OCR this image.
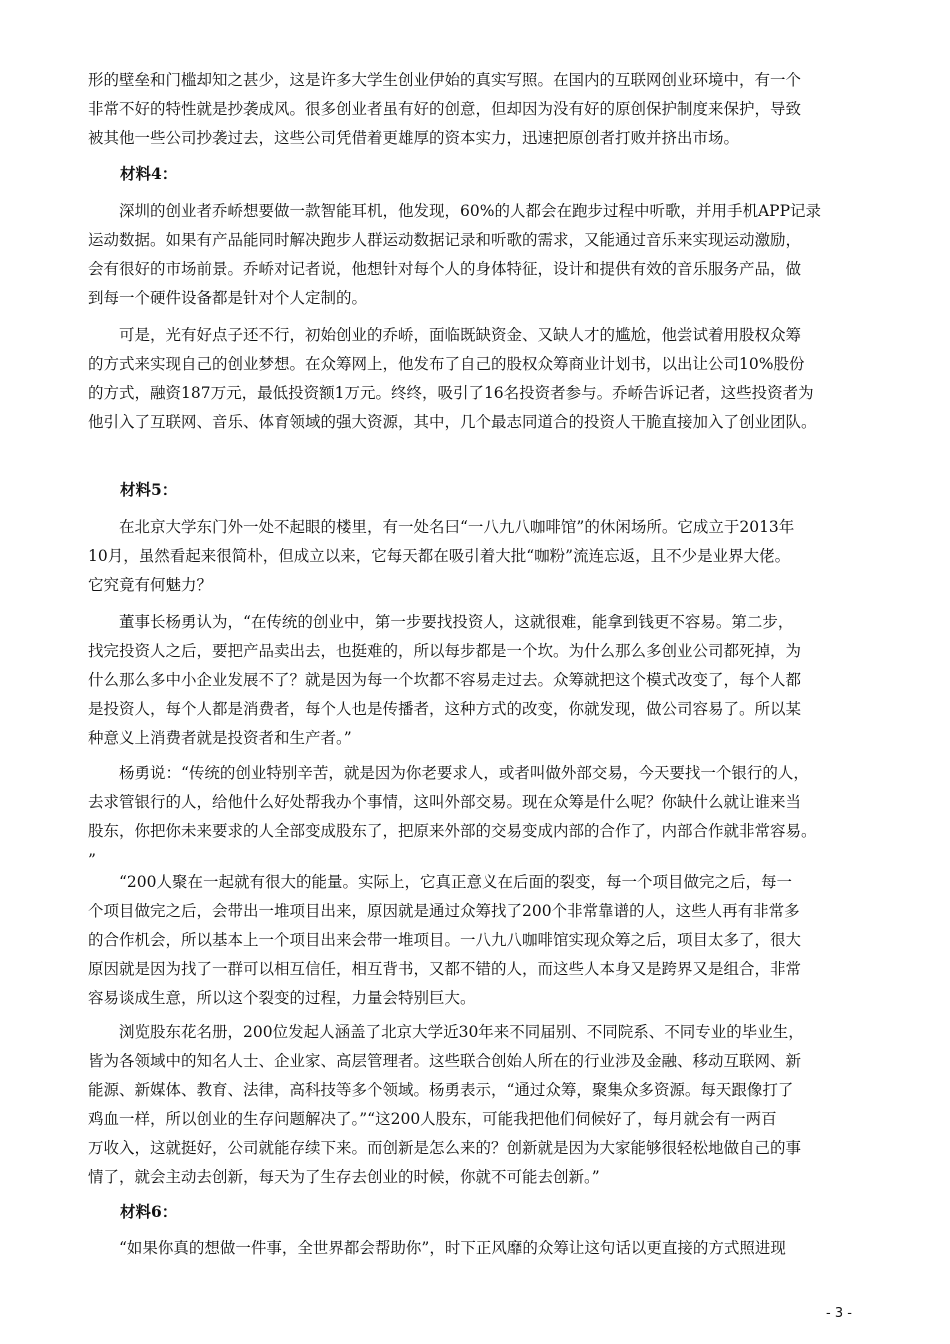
形的壁垒和门槛却知之甚少，这是许多大学生创业伊始的真实写照。在国内的互联网创业环境中，有一个
非常不好的特性就是抄袭成风。很多创业者虽有好的创意，但却因为没有好的原创保护制度来保护，导致
被其他一些公司抄袭过去，这些公司凭借着更雄厚的资本实力，迅速把原创者打败并挤出市场。

材料4：

　　深圳的创业者乔峤想要做一款智能耳机，他发现，60%的人都会在跑步过程中听歌，并用手机APP记录
运动数据。如果有产品能同时解决跑步人群运动数据记录和听歌的需求，又能通过音乐来实现运动激励，
会有很好的市场前景。乔峤对记者说，他想针对每个人的身体特征，设计和提供有效的音乐服务产品，做
到每一个硬件设备都是针对个人定制的。
　　可是，光有好点子还不行，初始创业的乔峤，面临既缺资金、又缺人才的尴尬，他尝试着用股权众筹
的方式来实现自己的创业梦想。在众筹网上，他发布了自己的股权众筹商业计划书，以出让公司10%股份
的方式，融资187万元，最低投资额1万元。终终，吸引了16名投资者参与。乔峤告诉记者，这些投资者为
他引入了互联网、音乐、体育领域的强大资源，其中，几个最志同道合的投资人干脆直接加入了创业团队。

材料5：

　　在北京大学东门外一处不起眼的楼里，有一处名曰“一八九八咖啡馆”的休闲场所。它成立于2013年
10月，虽然看起来很简朴，但成立以来，它每天都在吸引着大批“咖粉”流连忘返，且不少是业界大佬。
它究竟有何魅力？
　　董事长杨勇认为，“在传统的创业中，第一步要找投资人，这就很难，能拿到钱更不容易。第二步，
找完投资人之后，要把产品卖出去，也挺难的，所以每步都是一个坎。为什么那么多创业公司都死掉，为
什么那么多中小企业发展不了？就是因为每一个坎都不容易走过去。众筹就把这个模式改变了，每个人都
是投资人，每个人都是消费者，每个人也是传播者，这种方式的改变，你就发现，做公司容易了。所以某
种意义上消费者就是投资者和生产者。”
　　杨勇说：“传统的创业特别辛苦，就是因为你老要求人，或者叫做外部交易，今天要找一个银行的人，
去求管银行的人，给他什么好处帮我办个事情，这叫外部交易。现在众筹是什么呢？你缺什么就让谁来当
股东，你把你未来要求的人全部变成股东了，把原来外部的交易变成内部的合作了，内部合作就非常容易。
”
　　“200人聚在一起就有很大的能量。实际上，它真正意义在后面的裂变，每一个项目做完之后，每一
个项目做完之后，会带出一堆项目出来，原因就是通过众筹找了200个非常靠谱的人，这些人再有非常多
的合作机会，所以基本上一个项目出来会带一堆项目。一八九八咖啡馆实现众筹之后，项目太多了，很大
原因就是因为找了一群可以相互信任，相互背书，又都不错的人，而这些人本身又是跨界又是组合，非常
容易谈成生意，所以这个裂变的过程，力量会特别巨大。
　　浏览股东花名册，200位发起人涵盖了北京大学近30年来不同届别、不同院系、不同专业的毕业生，
皆为各领域中的知名人士、企业家、高层管理者。这些联合创始人所在的行业涉及金融、移动互联网、新
能源、新媒体、教育、法律，高科技等多个领域。杨勇表示，“通过众筹，聚集众多资源。每天跟像打了
鸡血一样，所以创业的生存问题解决了。”“这200人股东，可能我把他们伺候好了，每月就会有一两百
万收入，这就挺好，公司就能存续下来。而创新是怎么来的？创新就是因为大家能够很轻松地做自己的事
情了，就会主动去创新，每天为了生存去创业的时候，你就不可能去创新。”

材料6：

　　“如果你真的想做一件事，全世界都会帮助你”，时下正风靡的众筹让这句话以更直接的方式照进现
- 3 -
